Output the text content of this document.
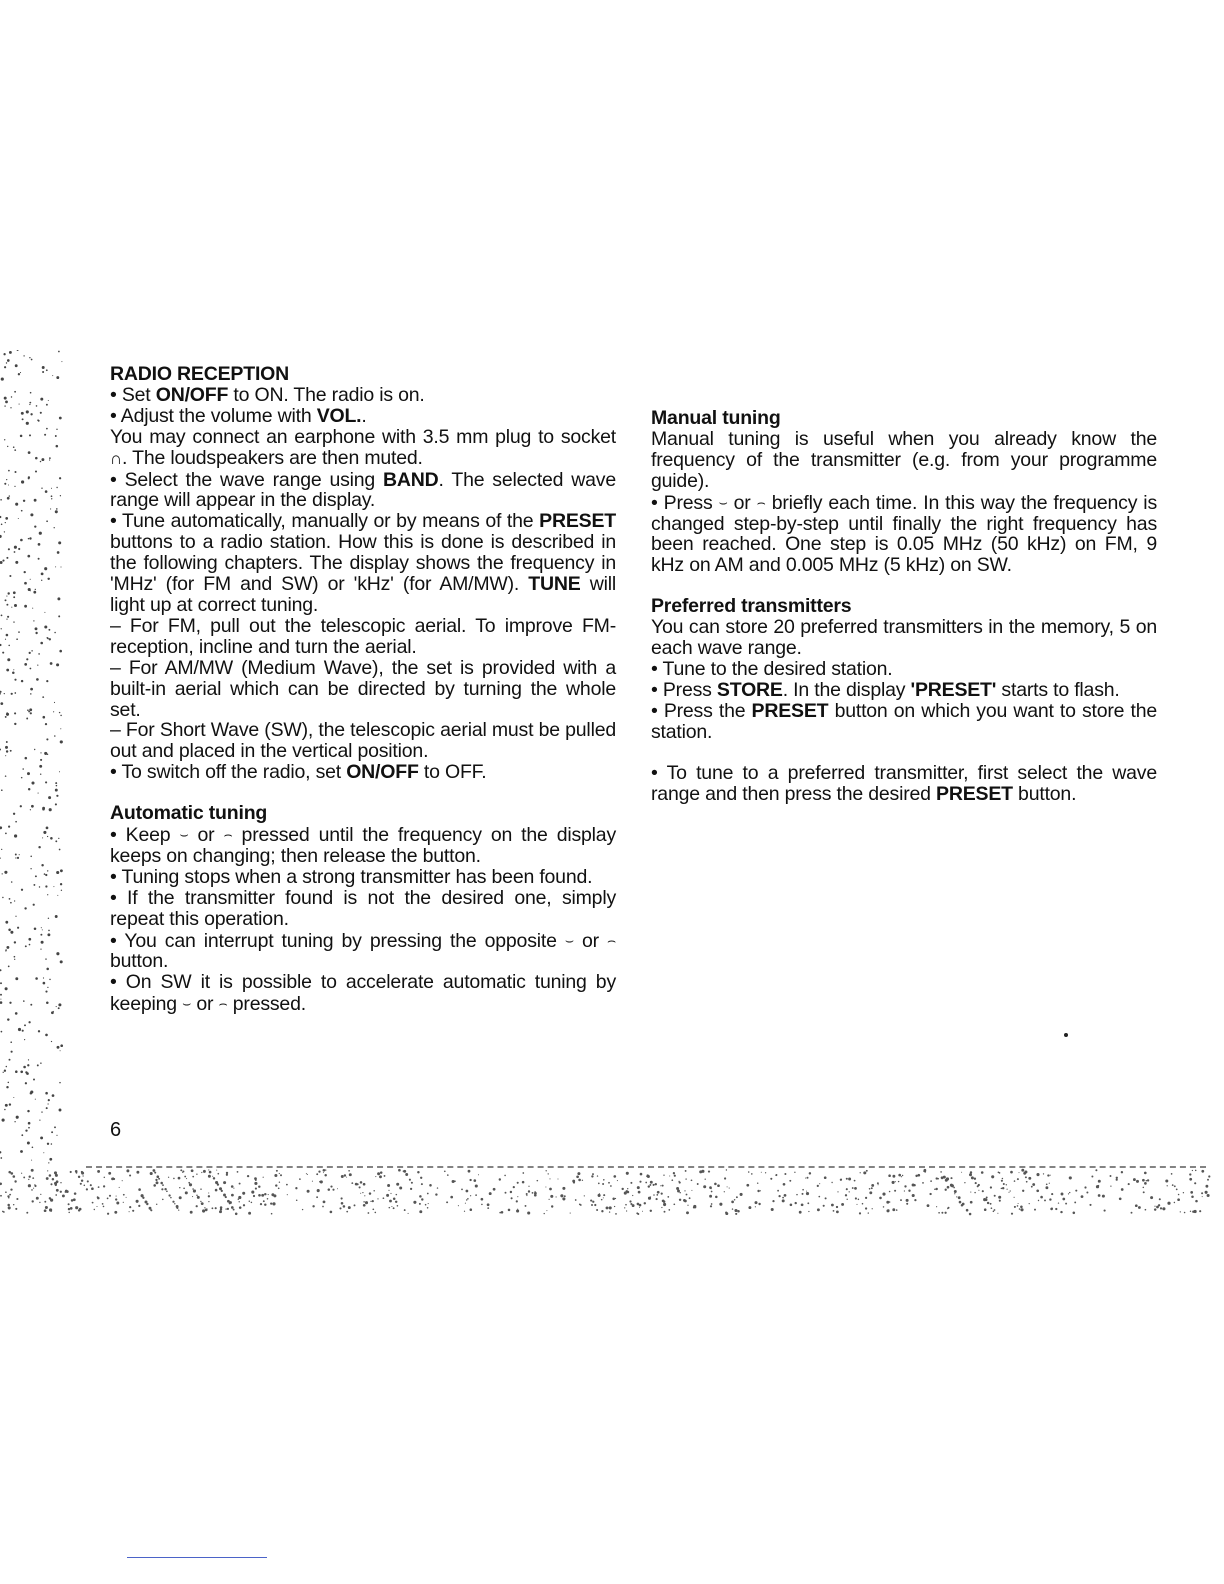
RADIO RECEPTION

• Set ON/OFF to ON. The radio is on.

• Adjust the volume with VOL..

You may connect an earphone with 3.5 mm plug to socket ∩. The loudspeakers are then muted.

• Select the wave range using BAND. The selected wave range will appear in the display.

• Tune automatically, manually or by means of the PRESET buttons to a radio station. How this is done is described in the following chapters. The display shows the frequency in 'MHz' (for FM and SW) or 'kHz' (for AM/MW). TUNE will light up at correct tuning.

– For FM, pull out the telescopic aerial. To improve FM-reception, incline and turn the aerial.

– For AM/MW (Medium Wave), the set is provided with a built-in aerial which can be directed by turning the whole set.

– For Short Wave (SW), the telescopic aerial must be pulled out and placed in the vertical position.

• To switch off the radio, set ON/OFF to OFF.

Automatic tuning

• Keep ⌣ or ⌢ pressed until the frequency on the display keeps on changing; then release the button.

• Tuning stops when a strong transmitter has been found.

• If the transmitter found is not the desired one, simply repeat this operation.

• You can interrupt tuning by pressing the opposite ⌣ or ⌢ button.

• On SW it is possible to accelerate automatic tuning by keeping ⌣ or ⌢ pressed.

Manual tuning

Manual tuning is useful when you already know the frequency of the transmitter (e.g. from your programme guide).

• Press ⌣ or ⌢ briefly each time. In this way the frequency is changed step-by-step until finally the right frequency has been reached. One step is 0.05 MHz (50 kHz) on FM, 9 kHz on AM and 0.005 MHz (5 kHz) on SW.

Preferred transmitters

You can store 20 preferred transmitters in the memory, 5 on each wave range.

• Tune to the desired station.

• Press STORE. In the display 'PRESET' starts to flash.

• Press the PRESET button on which you want to store the station.

• To tune to a preferred transmitter, first select the wave range and then press the desired PRESET button.

6
